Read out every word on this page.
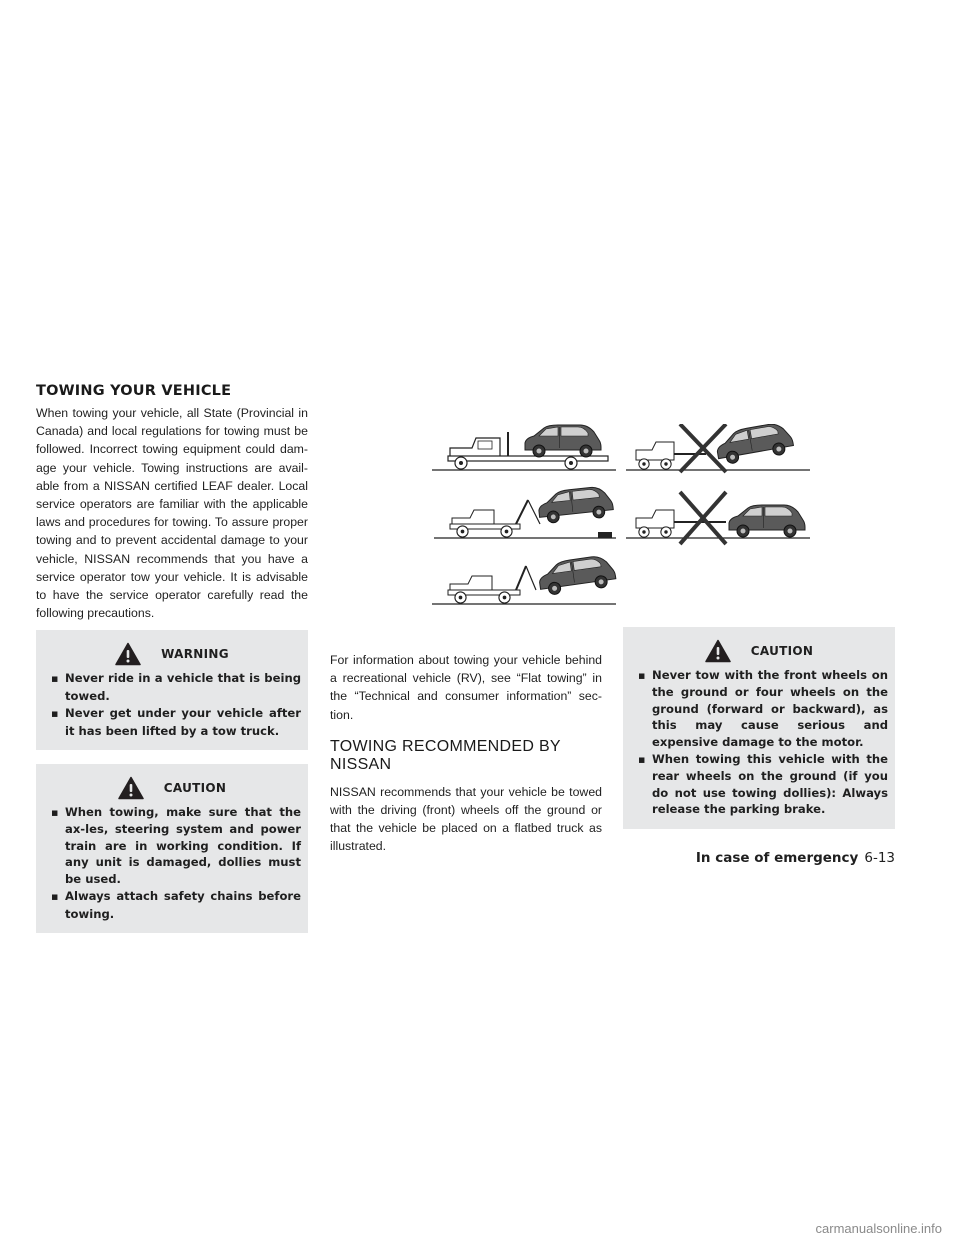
TOWING YOUR VEHICLE

When towing your vehicle, all State (Provincial in Canada) and local regulations for towing must be followed. Incorrect towing equipment could dam-age your vehicle. Towing instructions are avail-able from a NISSAN certified LEAF dealer. Local service operators are familiar with the applicable laws and procedures for towing. To assure proper towing and to prevent accidental damage to your vehicle, NISSAN recommends that you have a service operator tow your vehicle. It is advisable to have the service operator carefully read the following precautions.

WARNING
▪ Never ride in a vehicle that is being towed.
▪ Never get under your vehicle after it has been lifted by a tow truck.
CAUTION
▪ When towing, make sure that the ax-les, steering system and power train are in working condition. If any unit is damaged, dollies must be used.
▪ Always attach safety chains before towing.

For information about towing your vehicle behind a recreational vehicle (RV), see “Flat towing” in the “Technical and consumer information” sec-tion.

TOWING RECOMMENDED BY NISSAN

NISSAN recommends that your vehicle be towed with the driving (front) wheels off the ground or that the vehicle be placed on a flatbed truck as illustrated.

CAUTION
▪ Never tow with the front wheels on the ground or four wheels on the ground (forward or backward), as this may cause serious and expensive damage to the motor.
▪ When towing this vehicle with the rear wheels on the ground (if you do not use towing dollies): Always release the parking brake.
In case of emergency 6-13
carmanualsonline.info
